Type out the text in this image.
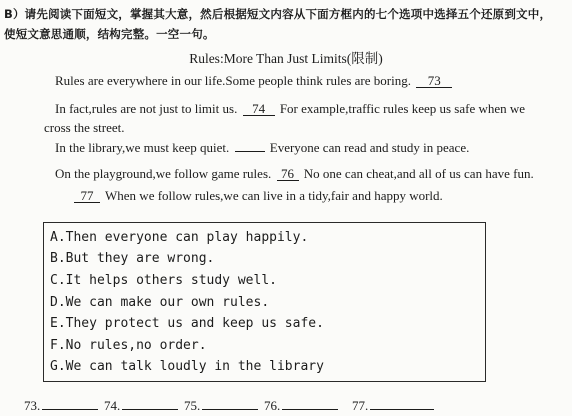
B）请先阅读下面短文，掌握其大意，然后根据短文内容从下面方框内的七个选项中选择五个还原到文中，
使短文意思通顺，结构完整。一空一句。
Rules:More Than Just Limits(限制)
Rules are everywhere in our life.Some people think rules are boring. 73
In fact,rules are not just to limit us. 74 For example,traffic rules keep us safe when we
cross the street.
In the library,we must keep quiet.	Everyone can read and study in peace.
On the playground,we follow game rules. 76 No one can cheat,and all of us can have fun.
77 When we follow rules,we can live in a tidy,fair and happy world.
A.Then everyone can play happily.
B.But they are wrong.
C.It helps others study well.
D.We can make our own rules.
E.They protect us and keep us safe.
F.No rules,no order.
G.We can talk loudly in the library
73.	74.	75.	76.	77.
